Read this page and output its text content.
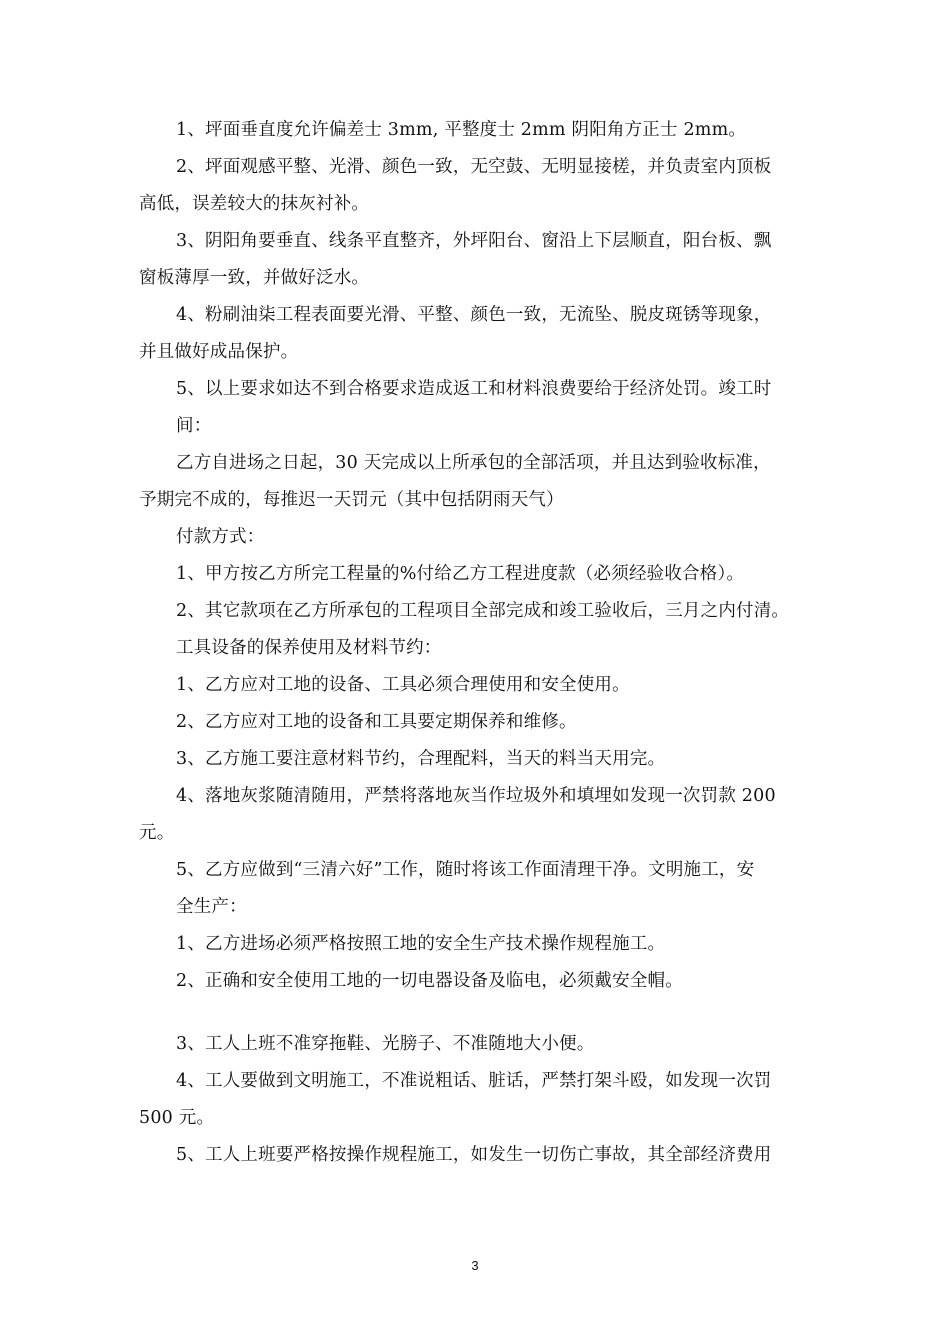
1、坪面垂直度允许偏差士 3mm, 平整度士 2mm 阴阳角方正士 2mm。
2、坪面观感平整、光滑、颜色一致，无空鼓、无明显接槎，并负责室内顶板
高低，误差较大的抹灰衬补。
3、阴阳角要垂直、线条平直整齐，外坪阳台、窗沿上下层顺直，阳台板、飘
窗板薄厚一致，并做好泛水。
4、粉刷油柒工程表面要光滑、平整、颜色一致，无流坠、脱皮斑锈等现象，
并且做好成品保护。
5、以上要求如达不到合格要求造成返工和材料浪费要给于经济处罚。竣工时
间：
乙方自进场之日起，30 天完成以上所承包的全部活项，并且达到验收标准，
予期完不成的，每推迟一天罚元（其中包括阴雨天气）
付款方式：
1、甲方按乙方所完工程量的%付给乙方工程进度款（必须经验收合格）。
2、其它款项在乙方所承包的工程项目全部完成和竣工验收后，三月之内付清。
工具设备的保养使用及材料节约：
1、乙方应对工地的设备、工具必须合理使用和安全使用。
2、乙方应对工地的设备和工具要定期保养和维修。
3、乙方施工要注意材料节约，合理配料，当天的料当天用完。
4、落地灰浆随清随用，严禁将落地灰当作垃圾外和填埋如发现一次罚款 200
元。
5、乙方应做到“三清六好”工作，随时将该工作面清理干净。文明施工，安
全生产：
1、乙方进场必须严格按照工地的安全生产技术操作规程施工。
2、正确和安全使用工地的一切电器设备及临电，必须戴安全帽。
3、工人上班不准穿拖鞋、光膀子、不准随地大小便。
4、工人要做到文明施工，不准说粗话、脏话，严禁打架斗殴，如发现一次罚
500 元。
5、工人上班要严格按操作规程施工，如发生一切伤亡事故，其全部经济费用
3
